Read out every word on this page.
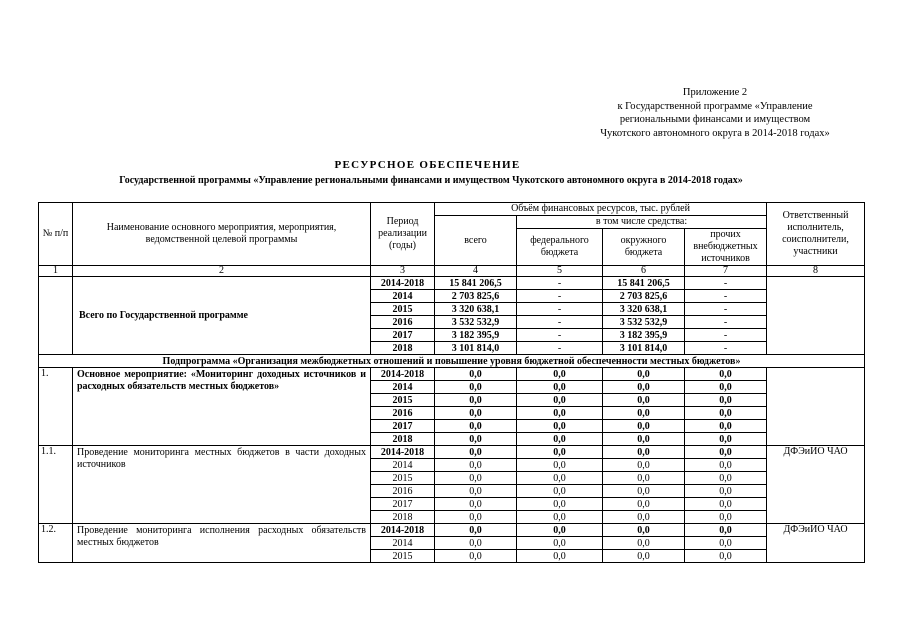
Приложение 2
к Государственной программе «Управление
региональными финансами и имуществом
Чукотского автономного округа в 2014-2018 годах»
РЕСУРСНОЕ ОБЕСПЕЧЕНИЕ
Государственной программы «Управление региональными финансами и имуществом Чукотского автономного округа в 2014-2018 годах»
№ п/п	Наименование основного мероприятия, мероприятия, ведомственной целевой программы	Период реализации (годы)	Объём финансовых ресурсов, тыс. рублей				Ответственный исполнитель, соисполнители, участники
			всего	в том числе средства:			
				федерального бюджета	окружного бюджета	прочих внебюджетных источников	
1	2	3	4	5	6	7	8
	Всего по Государственной программе	2014-2018	15 841 206,5	-	15 841 206,5	-	
		2014	2 703 825,6	-	2 703 825,6	-	
		2015	3 320 638,1	-	3 320 638,1	-	
		2016	3 532 532,9	-	3 532 532,9	-	
		2017	3 182 395,9	-	3 182 395,9	-	
		2018	3 101 814,0	-	3 101 814,0	-	
Подпрограмма «Организация межбюджетных отношений и повышение уровня бюджетной обеспеченности местных бюджетов»							
1.	Основное мероприятие: «Мониторинг доходных источников и расходных обязательств местных бюджетов»	2014-2018	0,0	0,0	0,0	0,0	
		2014	0,0	0,0	0,0	0,0	
		2015	0,0	0,0	0,0	0,0	
		2016	0,0	0,0	0,0	0,0	
		2017	0,0	0,0	0,0	0,0	
		2018	0,0	0,0	0,0	0,0	
1.1.	Проведение мониторинга местных бюджетов в части доходных источников	2014-2018	0,0	0,0	0,0	0,0	ДФЭиИО ЧАО
		2014	0,0	0,0	0,0	0,0	
		2015	0,0	0,0	0,0	0,0	
		2016	0,0	0,0	0,0	0,0	
		2017	0,0	0,0	0,0	0,0	
		2018	0,0	0,0	0,0	0,0	
1.2.	Проведение мониторинга исполнения расходных обязательств местных бюджетов	2014-2018	0,0	0,0	0,0	0,0	ДФЭиИО ЧАО
		2014	0,0	0,0	0,0	0,0	
		2015	0,0	0,0	0,0	0,0	
